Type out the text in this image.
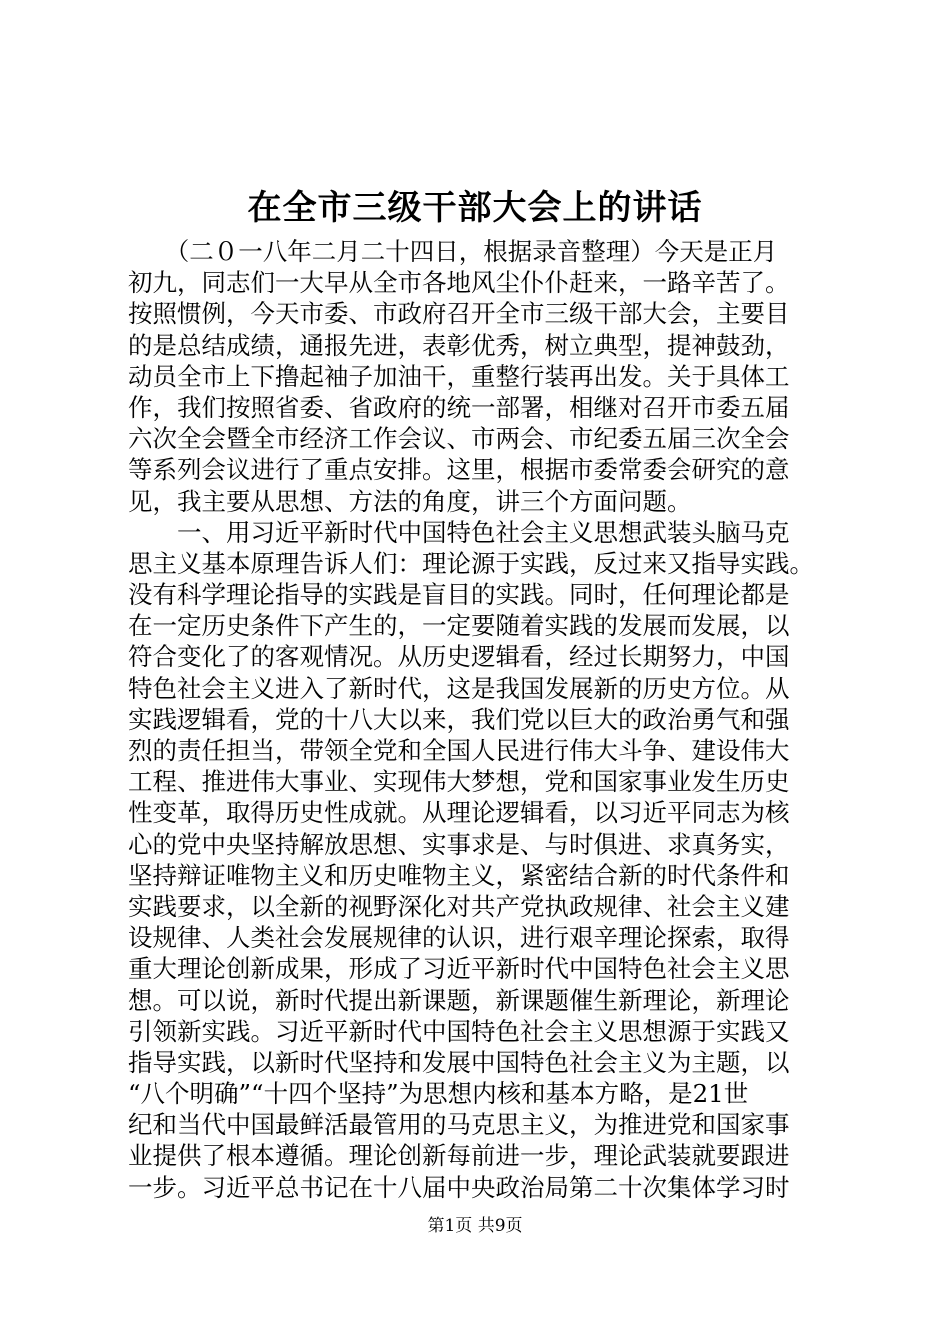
在全市三级干部大会上的讲话
　　（二０一八年二月二十四日，根据录音整理）今天是正月
初九，同志们一大早从全市各地风尘仆仆赶来，一路辛苦了。
按照惯例，今天市委、市政府召开全市三级干部大会，主要目
的是总结成绩，通报先进，表彰优秀，树立典型，提神鼓劲，
动员全市上下撸起袖子加油干，重整行装再出发。关于具体工
作，我们按照省委、省政府的统一部署，相继对召开市委五届
六次全会暨全市经济工作会议、市两会、市纪委五届三次全会
等系列会议进行了重点安排。这里，根据市委常委会研究的意
见，我主要从思想、方法的角度，讲三个方面问题。
　　一、用习近平新时代中国特色社会主义思想武装头脑马克
思主义基本原理告诉人们：理论源于实践，反过来又指导实践。
没有科学理论指导的实践是盲目的实践。同时，任何理论都是
在一定历史条件下产生的，一定要随着实践的发展而发展，以
符合变化了的客观情况。从历史逻辑看，经过长期努力，中国
特色社会主义进入了新时代，这是我国发展新的历史方位。从
实践逻辑看，党的十八大以来，我们党以巨大的政治勇气和强
烈的责任担当，带领全党和全国人民进行伟大斗争、建设伟大
工程、推进伟大事业、实现伟大梦想，党和国家事业发生历史
性变革，取得历史性成就。从理论逻辑看，以习近平同志为核
心的党中央坚持解放思想、实事求是、与时俱进、求真务实，
坚持辩证唯物主义和历史唯物主义，紧密结合新的时代条件和
实践要求，以全新的视野深化对共产党执政规律、社会主义建
设规律、人类社会发展规律的认识，进行艰辛理论探索，取得
重大理论创新成果，形成了习近平新时代中国特色社会主义思
想。可以说，新时代提出新课题，新课题催生新理论，新理论
引领新实践。习近平新时代中国特色社会主义思想源于实践又
指导实践，以新时代坚持和发展中国特色社会主义为主题，以
“八个明确”“十四个坚持”为思想内核和基本方略，是21世
纪和当代中国最鲜活最管用的马克思主义，为推进党和国家事
业提供了根本遵循。理论创新每前进一步，理论武装就要跟进
一步。习近平总书记在十八届中央政治局第二十次集体学习时
第1页 共9页
